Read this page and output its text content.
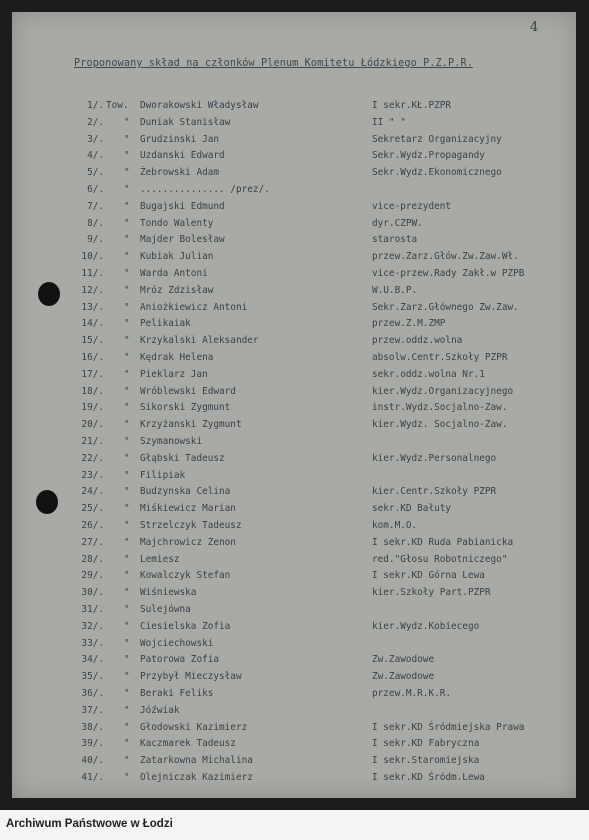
4
Proponowany skład na członków Plenum Komitetu Łódzkiego P.Z.P.R.
1/. Tow. Dworakowski Władysław	I sekr.KŁ.PZPR
2/. " Duniak Stanisław	II " "
3/. " Grudzinski Jan	Sekretarz Organizacyjny
4/. " Uzdanski Edward	Sekr.Wydz.Propagandy
5/. " Żebrowski Adam	Sekr.Wydz.Ekonomicznego
6/. " ............... /prez/.
7/. " Bugajski Edmund	vice-prezydent
8/. " Tondo Walenty	dyr.CZPW.
9/. " Majder Bolesław	starosta
10/. " Kubiak Julian	przew.Zarz.Głów.Zw.Zaw.Wł.
11/. " Warda Antoni	vice-przew.Rady Zakł.w PZPB
12/. " Mróz Zdzisław	W.U.B.P.
13/. " Aniożkiewicz Antoni	Sekr.Zarz.Głównego Zw.Zaw.
14/. " Pelikaiak	przew.Z.M.ZMP
15/. " Krzykalski Aleksander	przew.oddz.wolna
16/. " Kędrak Helena	absolw.Centr.Szkoły PZPR
17/. " Pieklarz Jan	sekr.oddz.wolna Nr.1
18/. " Wróblewski Edward	kier.Wydz.Organizacyjnego
19/. " Sikorski Zygmunt	instr.Wydz.Socjalno-Zaw.
20/. " Krzyżanski Zygmunt	kier.Wydz. Socjalno-Zaw.
21/. " Szymanowski
22/. " Głąbski Tadeusz	kier.Wydz.Personalnego
23/. " Filipiak
24/. " Budzynska Celina	kier.Centr.Szkoły PZPR
25/. " Miśkiewicz Marian	sekr.KD Bałuty
26/. " Strzelczyk Tadeusz	kom.M.O.
27/. " Majchrowicz Zenon	I sekr.KD Ruda Pabianicka
28/. " Lemiesz	red."Głosu Robotniczego"
29/. " Kowalczyk Stefan	I sekr.KD Górna Lewa
30/. " Wiśniewska	kier.Szkoły Part.PZPR
31/. " Sulejówna
32/. " Ciesielska Zofia	kier.Wydz.Kobiecego
33/. " Wojciechowski
34/. " Patorowa Zofia	Zw.Zawodowe
35/. " Przybył Mieczysław	Zw.Zawodowe
36/. " Beraki Feliks	przew.M.R.K.R.
37/. " Jóźwiak
38/. " Głodowski Kazimierz	I sekr.KD Śródmiejska Prawa
39/. " Kaczmarek Tadeusz	I sekr.KD Fabryczna
40/. " Zatarkowna Michalina	I sekr.Staromiejska
41/. " Olejniczak Kazimierz	I sekr.KD Śródm.Lewa
Archiwum Państwowe w Łodzi
